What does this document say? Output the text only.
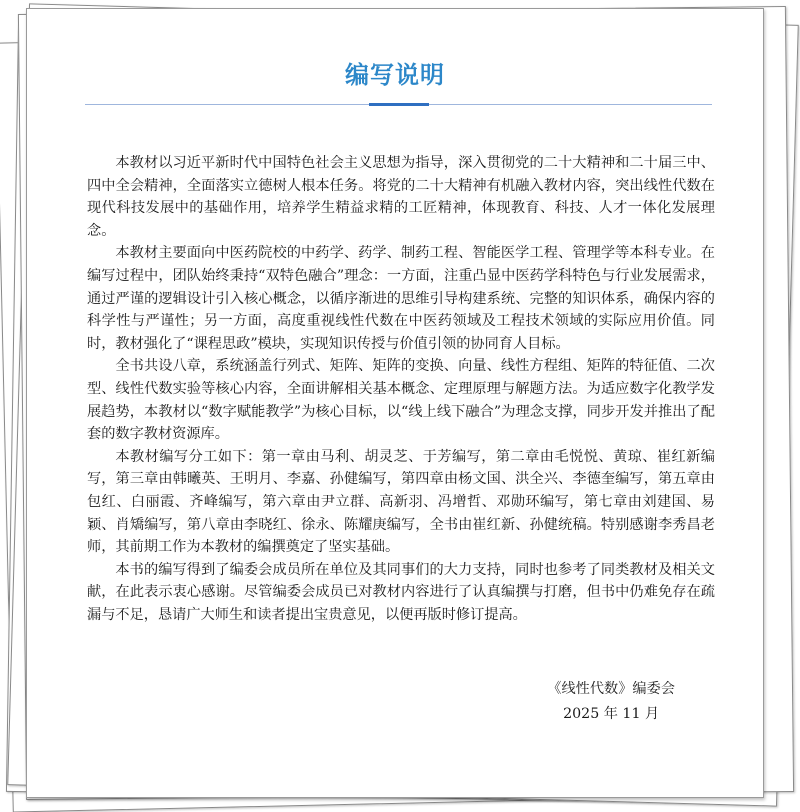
编写说明

本教材以习近平新时代中国特色社会主义思想为指导，深入贯彻党的二十大精神和二十届三中、四中全会精神，全面落实立德树人根本任务。将党的二十大精神有机融入教材内容，突出线性代数在现代科技发展中的基础作用，培养学生精益求精的工匠精神，体现教育、科技、人才一体化发展理念。

本教材主要面向中医药院校的中药学、药学、制药工程、智能医学工程、管理学等本科专业。在编写过程中，团队始终秉持“双特色融合”理念：一方面，注重凸显中医药学科特色与行业发展需求，通过严谨的逻辑设计引入核心概念，以循序渐进的思维引导构建系统、完整的知识体系，确保内容的科学性与严谨性；另一方面，高度重视线性代数在中医药领域及工程技术领域的实际应用价值。同时，教材强化了“课程思政”模块，实现知识传授与价值引领的协同育人目标。

全书共设八章，系统涵盖行列式、矩阵、矩阵的变换、向量、线性方程组、矩阵的特征值、二次型、线性代数实验等核心内容，全面讲解相关基本概念、定理原理与解题方法。为适应数字化教学发展趋势，本教材以“数字赋能教学”为核心目标，以“线上线下融合”为理念支撑，同步开发并推出了配套的数字教材资源库。

本教材编写分工如下：第一章由马利、胡灵芝、于芳编写，第二章由毛悦悦、黄琼、崔红新编写，第三章由韩曦英、王明月、李嘉、孙健编写，第四章由杨文国、洪全兴、李德奎编写，第五章由包红、白丽霞、齐峰编写，第六章由尹立群、高新羽、冯增哲、邓勋环编写，第七章由刘建国、易颖、肖矯编写，第八章由李晓红、徐永、陈耀庚编写，全书由崔红新、孙健统稿。特别感谢李秀昌老师，其前期工作为本教材的编撰奠定了坚实基础。

本书的编写得到了编委会成员所在单位及其同事们的大力支持，同时也参考了同类教材及相关文献，在此表示衷心感谢。尽管编委会成员已对教材内容进行了认真编撰与打磨，但书中仍难免存在疏漏与不足，恳请广大师生和读者提出宝贵意见，以便再版时修订提高。

《线性代数》编委会
2025 年 11 月
